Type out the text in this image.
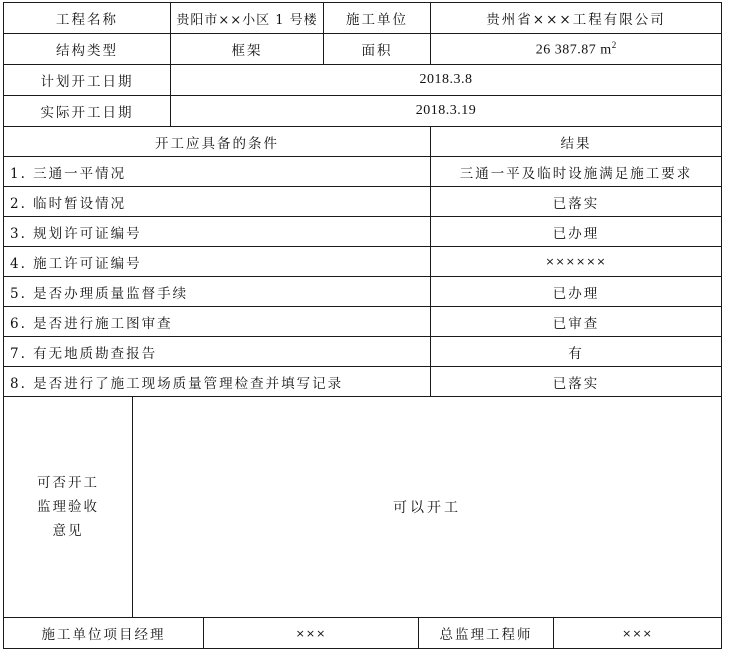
工程名称	贵阳市××小区 1 号楼	施工单位	贵州省×××工程有限公司
结构类型	框架	面积	26 387.87 $m^2$
计划开工日期	2018.3.8		
实际开工日期	2018.3.19		
开工应具备的条件	结果
1. 三通一平情况	三通一平及临时设施满足施工要求
2. 临时暂设情况	已落实
3. 规划许可证编号	已办理
4. 施工许可证编号	××××××
5. 是否办理质量监督手续	已办理
6. 是否进行施工图审查	已审查
7. 有无地质勘查报告	有
8. 是否进行了施工现场质量管理检查并填写记录	已落实
可否开工
监理验收
意见
	可以开工
施工单位项目经理	×××	总监理工程师	×××
